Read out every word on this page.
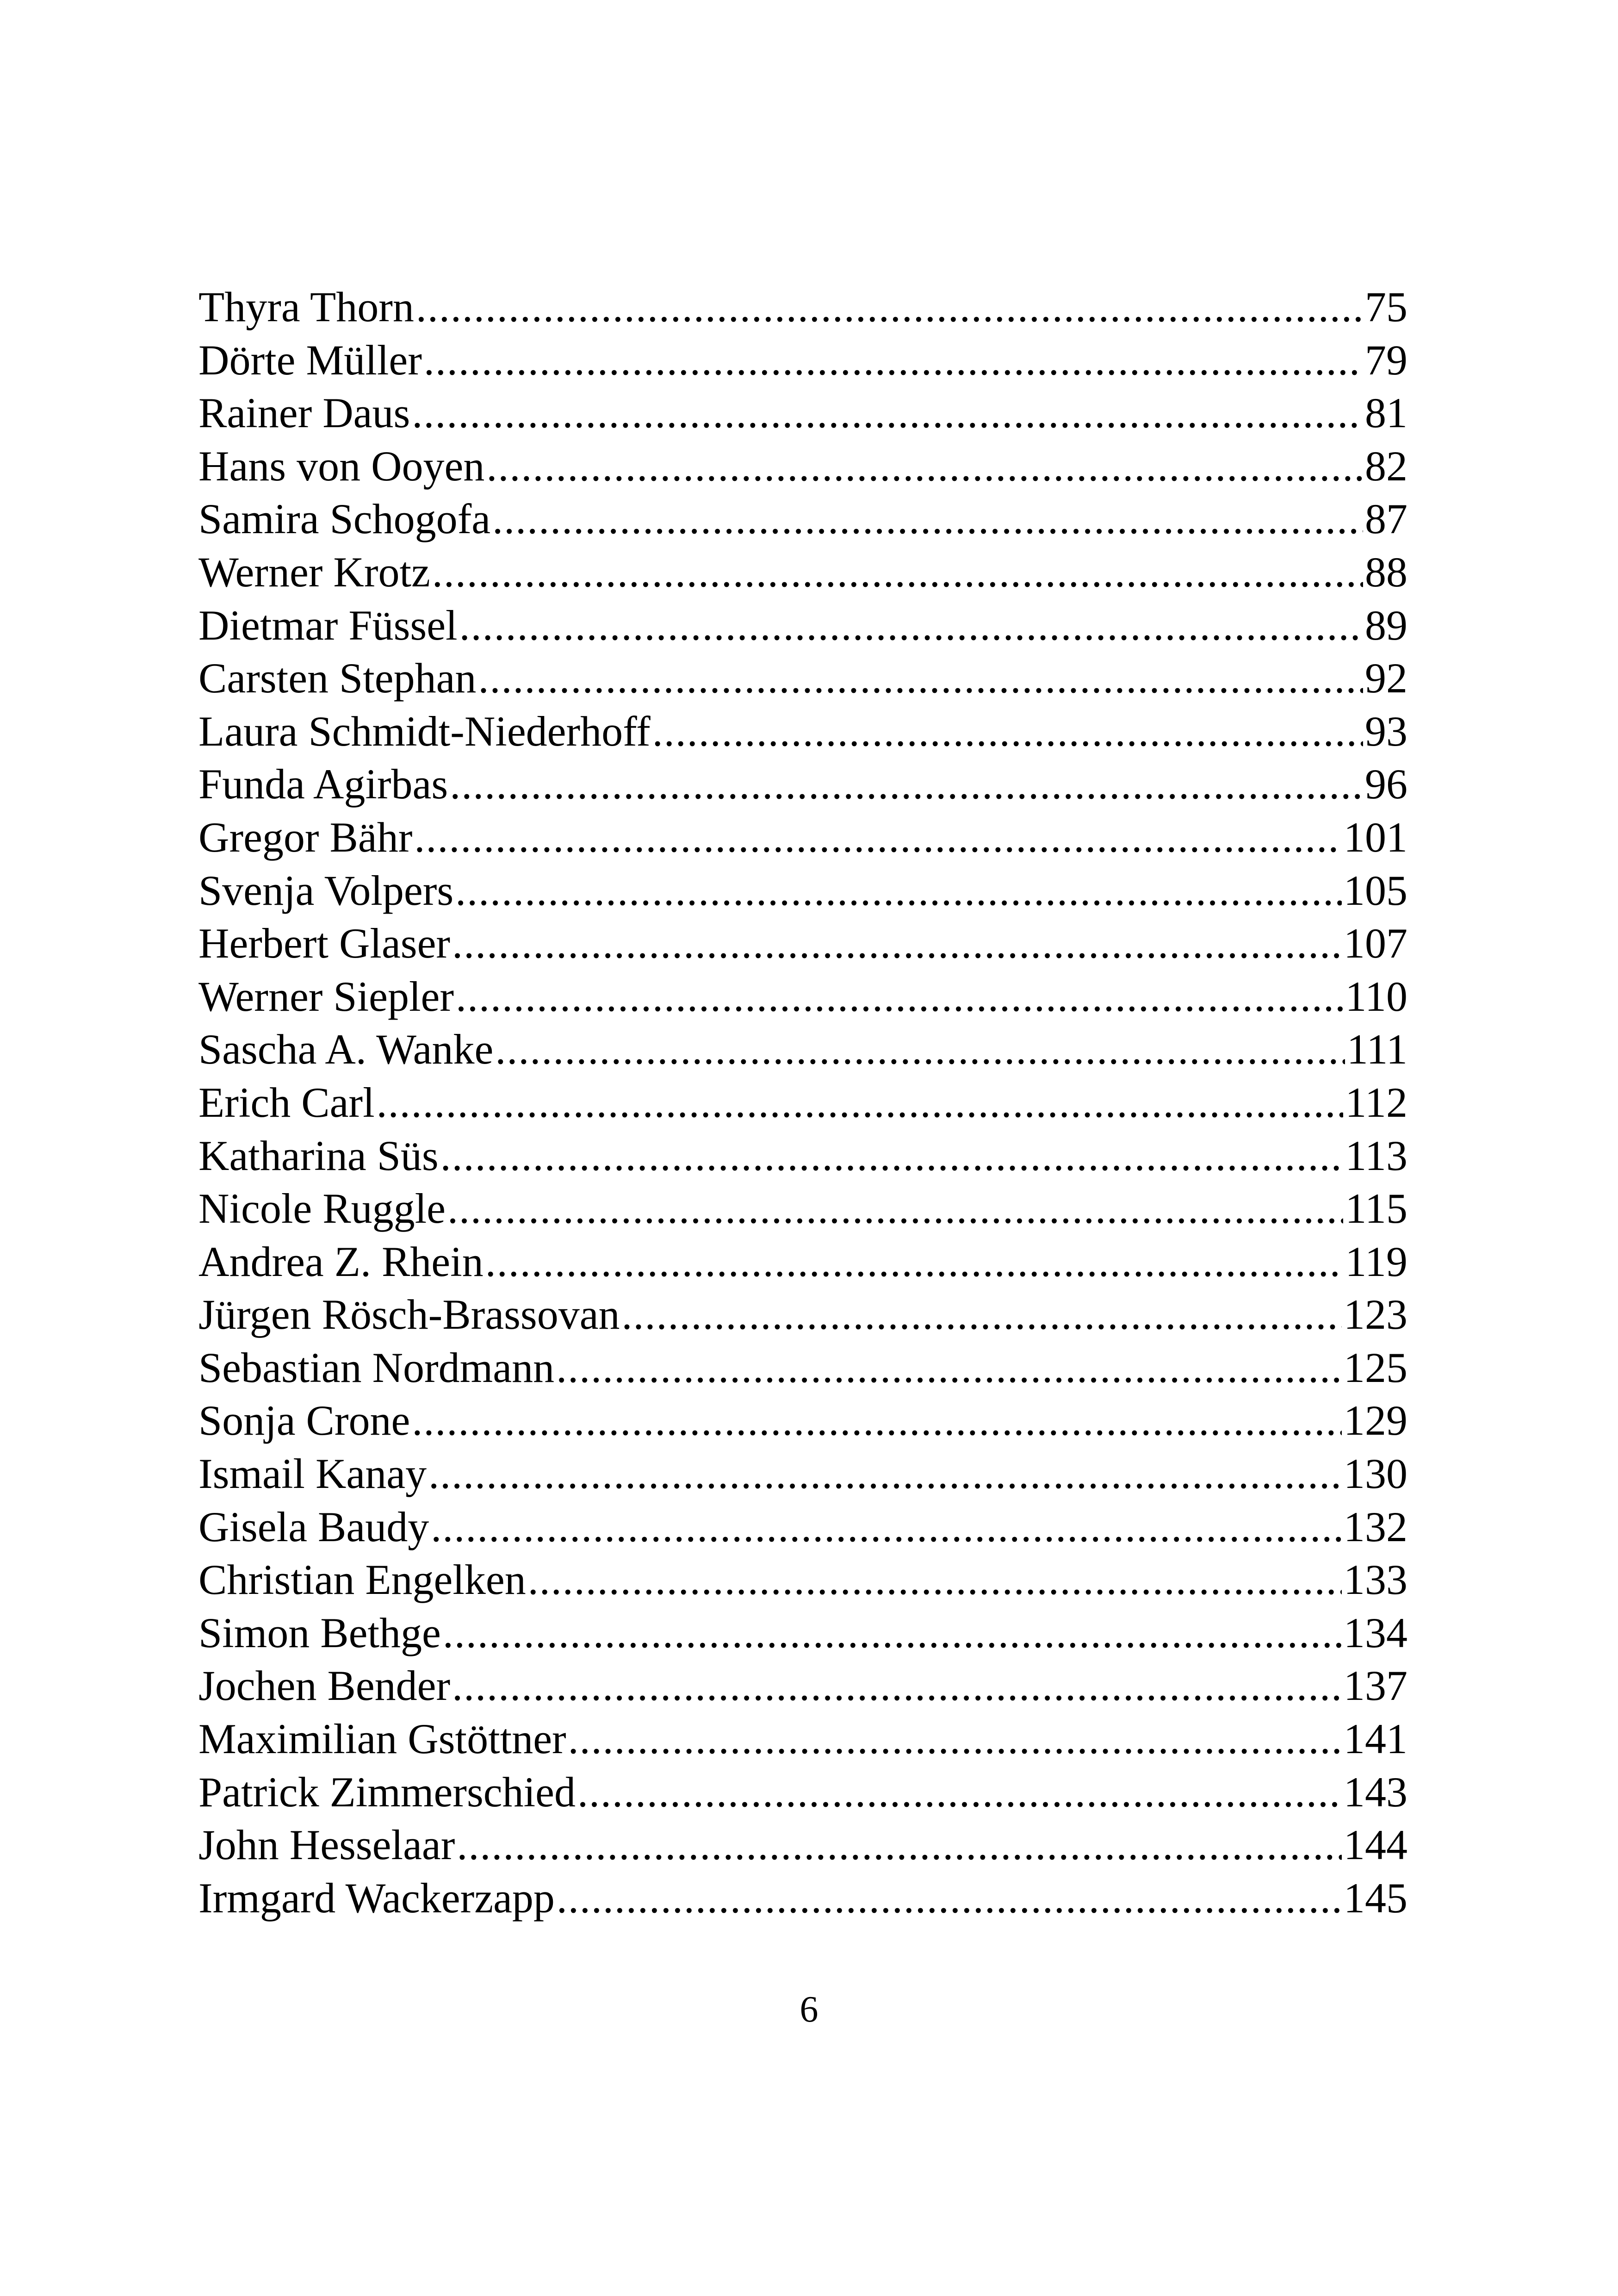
Thyra Thorn .....	75
Dörte Müller .....	79
Rainer Daus .....	81
Hans von Ooyen .....	82
Samira Schogofa .....	87
Werner Krotz .....	88
Dietmar Füssel .....	89
Carsten Stephan .....	92
Laura Schmidt-Niederhoff .....	93
Funda Agirbas .....	96
Gregor Bähr .....	101
Svenja Volpers .....	105
Herbert Glaser .....	107
Werner Siepler .....	110
Sascha A. Wanke .....	111
Erich Carl .....	112
Katharina Süs .....	113
Nicole Ruggle .....	115
Andrea Z. Rhein .....	119
Jürgen Rösch-Brassovan .....	123
Sebastian Nordmann .....	125
Sonja Crone .....	129
Ismail Kanay .....	130
Gisela Baudy .....	132
Christian Engelken .....	133
Simon Bethge .....	134
Jochen Bender .....	137
Maximilian Gstöttner .....	141
Patrick Zimmerschied .....	143
John Hesselaar .....	144
Irmgard Wackerzapp .....	145
6
